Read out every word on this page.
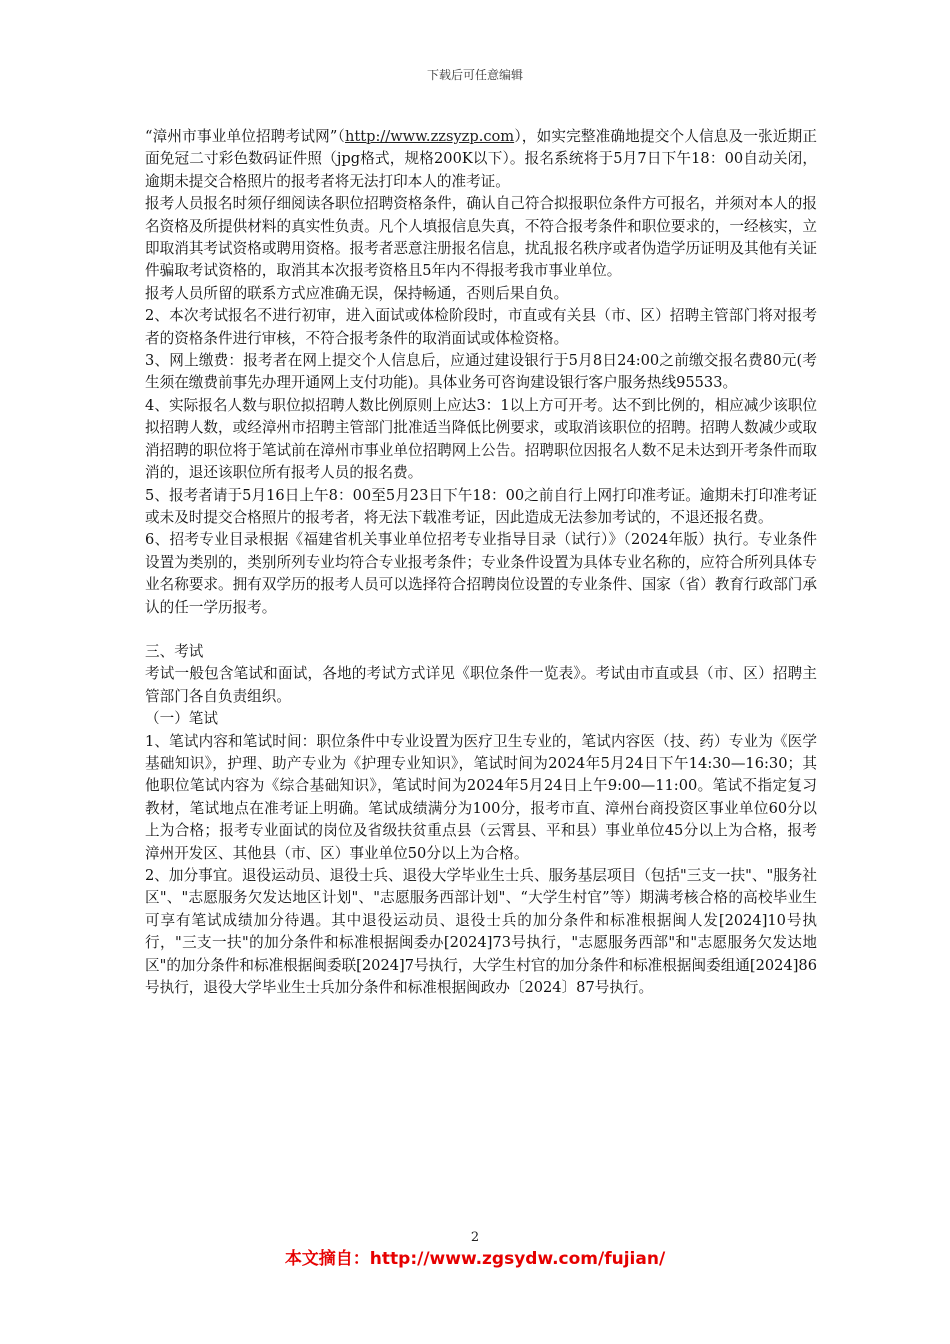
下载后可任意编辑

“漳州市事业单位招聘考试网”（http://www.zzsyzp.com），如实完整准确地提交个人信息及一张近期正面免冠二寸彩色数码证件照（jpg格式，规格200K以下）。报名系统将于5月7日下午18：00自动关闭，逾期未提交合格照片的报考者将无法打印本人的准考证。

报考人员报名时须仔细阅读各职位招聘资格条件，确认自己符合拟报职位条件方可报名，并须对本人的报名资格及所提供材料的真实性负责。凡个人填报信息失真，不符合报考条件和职位要求的，一经核实，立即取消其考试资格或聘用资格。报考者恶意注册报名信息，扰乱报名秩序或者伪造学历证明及其他有关证件骗取考试资格的，取消其本次报考资格且5年内不得报考我市事业单位。

报考人员所留的联系方式应准确无误，保持畅通，否则后果自负。

2、本次考试报名不进行初审，进入面试或体检阶段时，市直或有关县（市、区）招聘主管部门将对报考者的资格条件进行审核，不符合报考条件的取消面试或体检资格。

3、网上缴费：报考者在网上提交个人信息后，应通过建设银行于5月8日24:00之前缴交报名费80元(考生须在缴费前事先办理开通网上支付功能)。具体业务可咨询建设银行客户服务热线95533。

4、实际报名人数与职位拟招聘人数比例原则上应达3：1以上方可开考。达不到比例的，相应减少该职位拟招聘人数，或经漳州市招聘主管部门批准适当降低比例要求，或取消该职位的招聘。招聘人数减少或取消招聘的职位将于笔试前在漳州市事业单位招聘网上公告。招聘职位因报名人数不足未达到开考条件而取消的，退还该职位所有报考人员的报名费。

5、报考者请于5月16日上午8：00至5月23日下午18：00之前自行上网打印准考证。逾期未打印准考证或未及时提交合格照片的报考者，将无法下载准考证，因此造成无法参加考试的，不退还报名费。

6、招考专业目录根据《福建省机关事业单位招考专业指导目录（试行）》（2024年版）执行。专业条件设置为类别的，类别所列专业均符合专业报考条件；专业条件设置为具体专业名称的，应符合所列具体专业名称要求。拥有双学历的报考人员可以选择符合招聘岗位设置的专业条件、国家（省）教育行政部门承认的任一学历报考。

三、考试

考试一般包含笔试和面试，各地的考试方式详见《职位条件一览表》。考试由市直或县（市、区）招聘主管部门各自负责组织。

（一）笔试

1、笔试内容和笔试时间：职位条件中专业设置为医疗卫生专业的，笔试内容医（技、药）专业为《医学基础知识》，护理、助产专业为《护理专业知识》，笔试时间为2024年5月24日下午14:30—16:30；其他职位笔试内容为《综合基础知识》，笔试时间为2024年5月24日上午9:00—11:00。笔试不指定复习教材，笔试地点在准考证上明确。笔试成绩满分为100分，报考市直、漳州台商投资区事业单位60分以上为合格；报考专业面试的岗位及省级扶贫重点县（云霄县、平和县）事业单位45分以上为合格，报考漳州开发区、其他县（市、区）事业单位50分以上为合格。

2、加分事宜。退役运动员、退役士兵、退役大学毕业生士兵、服务基层项目（包括"三支一扶"、"服务社区"、"志愿服务欠发达地区计划"、"志愿服务西部计划"、“大学生村官”等）期满考核合格的高校毕业生可享有笔试成绩加分待遇。其中退役运动员、退役士兵的加分条件和标准根据闽人发[2024]10号执行，"三支一扶"的加分条件和标准根据闽委办[2024]73号执行，"志愿服务西部"和"志愿服务欠发达地区"的加分条件和标准根据闽委联[2024]7号执行，大学生村官的加分条件和标准根据闽委组通[2024]86号执行，退役大学毕业生士兵加分条件和标准根据闽政办〔2024〕87号执行。

2
本文摘自：http://www.zgsydw.com/fujian/
